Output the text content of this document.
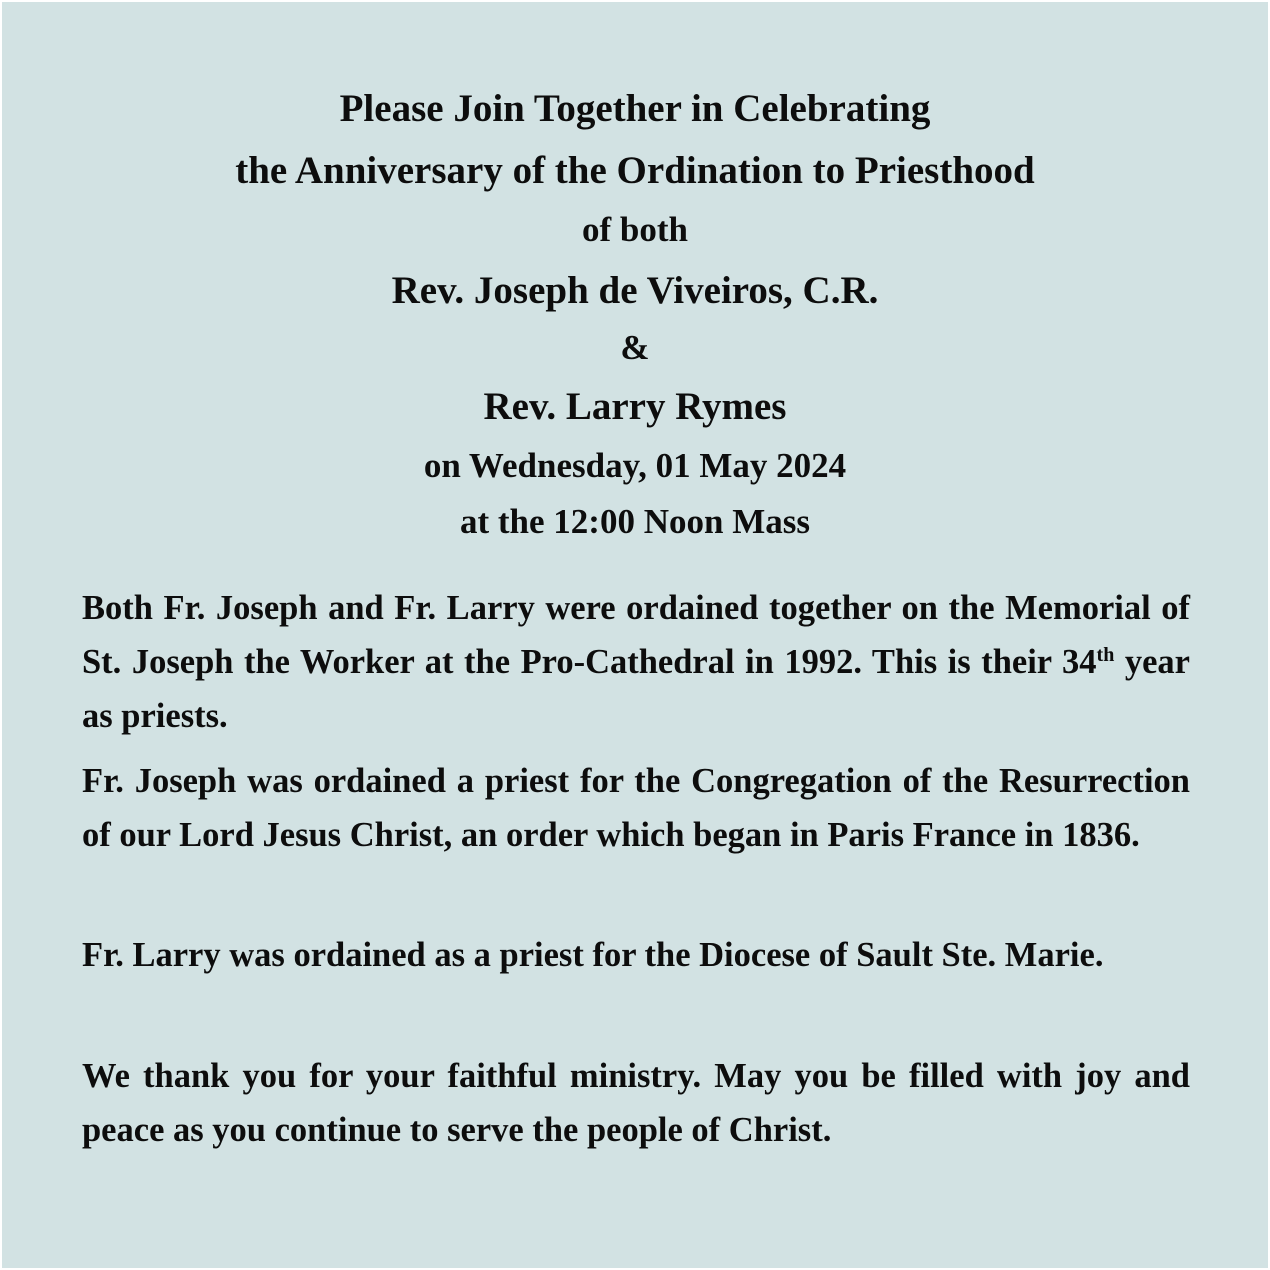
Please Join Together in Celebrating
the Anniversary of the Ordination to Priesthood
of both
Rev. Joseph de Viveiros, C.R.
&
Rev. Larry Rymes
on Wednesday, 01 May 2024
at the 12:00 Noon Mass

Both Fr. Joseph and Fr. Larry were ordained together on the Memorial of St. Joseph the Worker at the Pro-Cathedral in 1992. This is their 34th year as priests.

Fr. Joseph was ordained a priest for the Congregation of the Resurrection of our Lord Jesus Christ, an order which began in Paris France in 1836.

Fr. Larry was ordained as a priest for the Diocese of Sault Ste. Marie.

We thank you for your faithful ministry. May you be filled with joy and peace as you continue to serve the people of Christ.
